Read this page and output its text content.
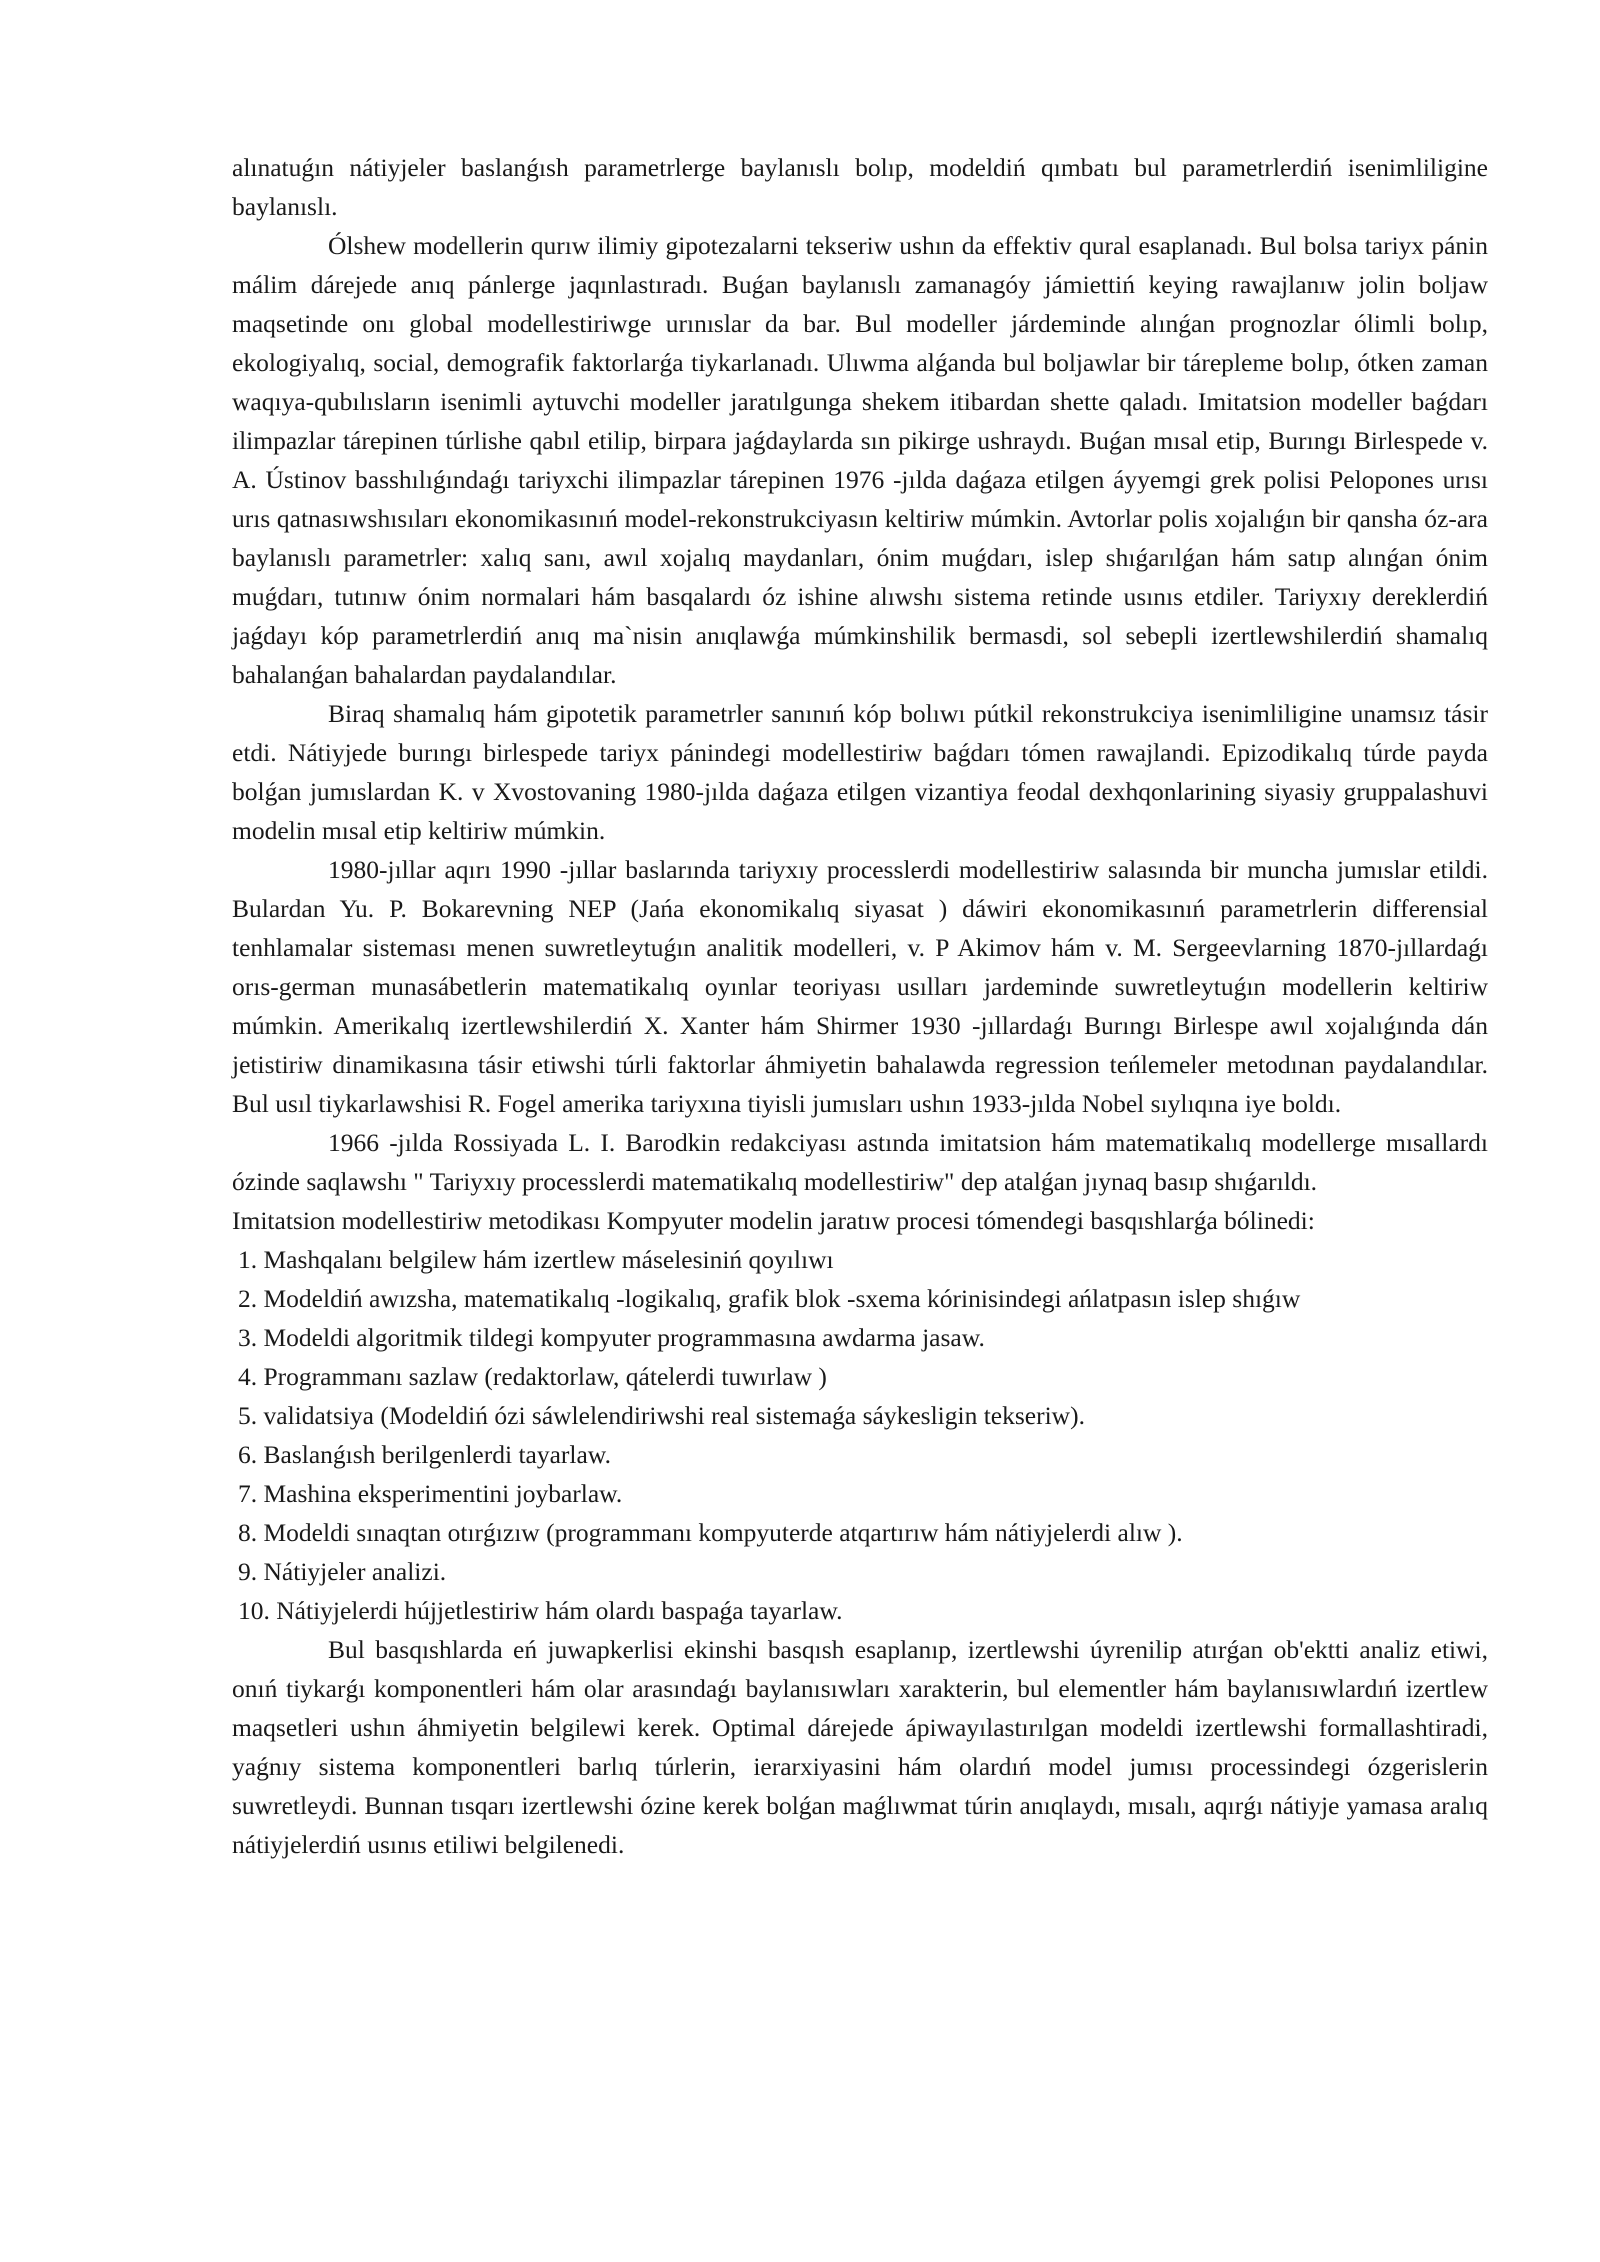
alınatuǵın nátiyjeler baslanǵısh parametrlerge baylanıslı bolıp, modeldiń qımbatı bul parametrlerdiń isenimliligine baylanıslı.

Ólshew modellerin qurıw ilimiy gipotezalarni tekseriw ushın da effektiv qural esaplanadı. Bul bolsa tariyx pánin málim dárejede anıq pánlerge jaqınlastıradı. Buǵan baylanıslı zamanagóy jámiettiń keying rawajlanıw jolin boljaw maqsetinde onı global modellestiriwge urınıslar da bar. Bul modeller járdeminde alınǵan prognozlar ólimli bolıp, ekologiyalıq, social, demografik faktorlarǵa tiykarlanadı. Ulıwma alǵanda bul boljawlar bir tárepleme bolıp, ótken zaman waqıya-qubılısların isenimli aytuvchi modeller jaratılgunga shekem itibardan shette qaladı. Imitatsion modeller baǵdarı ilimpazlar tárepinen túrlishe qabıl etilip, birpara jaǵdaylarda sın pikirge ushraydı. Buǵan mısal etip, Burıngı Birlespede v. A. Ústinov basshılıǵındaǵı tariyxchi ilimpazlar tárepinen 1976 -jılda daǵaza etilgen áyyemgi grek polisi Pelopones urısı urıs qatnasıwshısıları ekonomikasınıń model-rekonstrukciyasın keltiriw múmkin. Avtorlar polis xojalıǵın bir qansha óz-ara baylanıslı parametrler: xalıq sanı, awıl xojalıq maydanları, ónim muǵdarı, islep shıǵarılǵan hám satıp alınǵan ónim muǵdarı, tutınıw ónim normalari hám basqalardı óz ishine alıwshı sistema retinde usınıs etdiler. Tariyxıy dereklerdiń jaǵdayı kóp parametrlerdiń anıq ma`nisin anıqlawǵa múmkinshilik bermasdi, sol sebepli izertlewshilerdiń shamalıq bahalanǵan bahalardan paydalandılar.

Biraq shamalıq hám gipotetik parametrler sanınıń kóp bolıwı pútkil rekonstrukciya isenimliligine unamsız tásir etdi. Nátiyjede burıngı birlespede tariyx pánindegi modellestiriw baǵdarı tómen rawajlandi. Epizodikalıq túrde payda bolǵan jumıslardan K. v Xvostovaning 1980-jılda daǵaza etilgen vizantiya feodal dexhqonlarining siyasiy gruppalashuvi modelin mısal etip keltiriw múmkin.

1980-jıllar aqırı 1990 -jıllar baslarında tariyxıy processlerdi modellestiriw salasında bir muncha jumıslar etildi. Bulardan Yu. P. Bokarevning NEP (Jańa ekonomikalıq siyasat ) dáwiri ekonomikasınıń parametrlerin differensial tenhlamalar sisteması menen suwretleytuǵın analitik modelleri, v. P Akimov hám v. M. Sergeevlarning 1870-jıllardaǵı orıs-german munasábetlerin matematikalıq oyınlar teoriyası usılları jardeminde suwretleytuǵın modellerin keltiriw múmkin. Amerikalıq izertlewshilerdiń X. Xanter hám Shirmer 1930 -jıllardaǵı Burıngı Birlespe awıl xojalıǵında dán jetistiriw dinamikasına tásir etiwshi túrli faktorlar áhmiyetin bahalawda regression teńlemeler metodınan paydalandılar. Bul usıl tiykarlawshisi R. Fogel amerika tariyxına tiyisli jumısları ushın 1933-jılda Nobel sıylıqına iye boldı.

1966 -jılda Rossiyada L. I. Barodkin redakciyası astında imitatsion hám matematikalıq modellerge mısallardı ózinde saqlawshı " Tariyxıy processlerdi matematikalıq modellestiriw" dep atalǵan jıynaq basıp shıǵarıldı.

Imitatsion modellestiriw metodikası Kompyuter modelin jaratıw procesi tómendegi basqıshlarǵa bólinedi:

1. Mashqalanı belgilew hám izertlew máselesiniń qoyılıwı
2. Modeldiń awızsha, matematikalıq -logikalıq, grafik blok -sxema kórinisindegi ańlatpasın islep shıǵıw
3. Modeldi algoritmik tildegi kompyuter programmasına awdarma jasaw.
4. Programmanı sazlaw (redaktorlaw, qátelerdi tuwırlaw )
5. validatsiya (Modeldiń ózi sáwlelendiriwshi real sistemaǵa sáykesligin tekseriw).
6. Baslanǵısh berilgenlerdi tayarlaw.
7. Mashina eksperimentini joybarlaw.
8. Modeldi sınaqtan otırǵızıw (programmanı kompyuterde atqartırıw hám nátiyjelerdi alıw ).
9. Nátiyjeler analizi.
10. Nátiyjelerdi hújjetlestiriw hám olardı baspaǵa tayarlaw.

Bul basqıshlarda eń juwapkerlisi ekinshi basqısh esaplanıp, izertlewshi úyrenilip atırǵan ob'ektti analiz etiwi, onıń tiykarǵı komponentleri hám olar arasındaǵı baylanısıwları xarakterin, bul elementler hám baylanısıwlardıń izertlew maqsetleri ushın áhmiyetin belgilewi kerek. Optimal dárejede ápiwayılastırılgan modeldi izertlewshi formallashtiradi, yaǵnıy sistema komponentleri barlıq túrlerin, ierarxiyasini hám olardıń model jumısı processindegi ózgerislerin suwretleydi. Bunnan tısqarı izertlewshi ózine kerek bolǵan maǵlıwmat túrin anıqlaydı, mısalı, aqırǵı nátiyje yamasa aralıq nátiyjelerdiń usınıs etiliwi belgilenedi.
